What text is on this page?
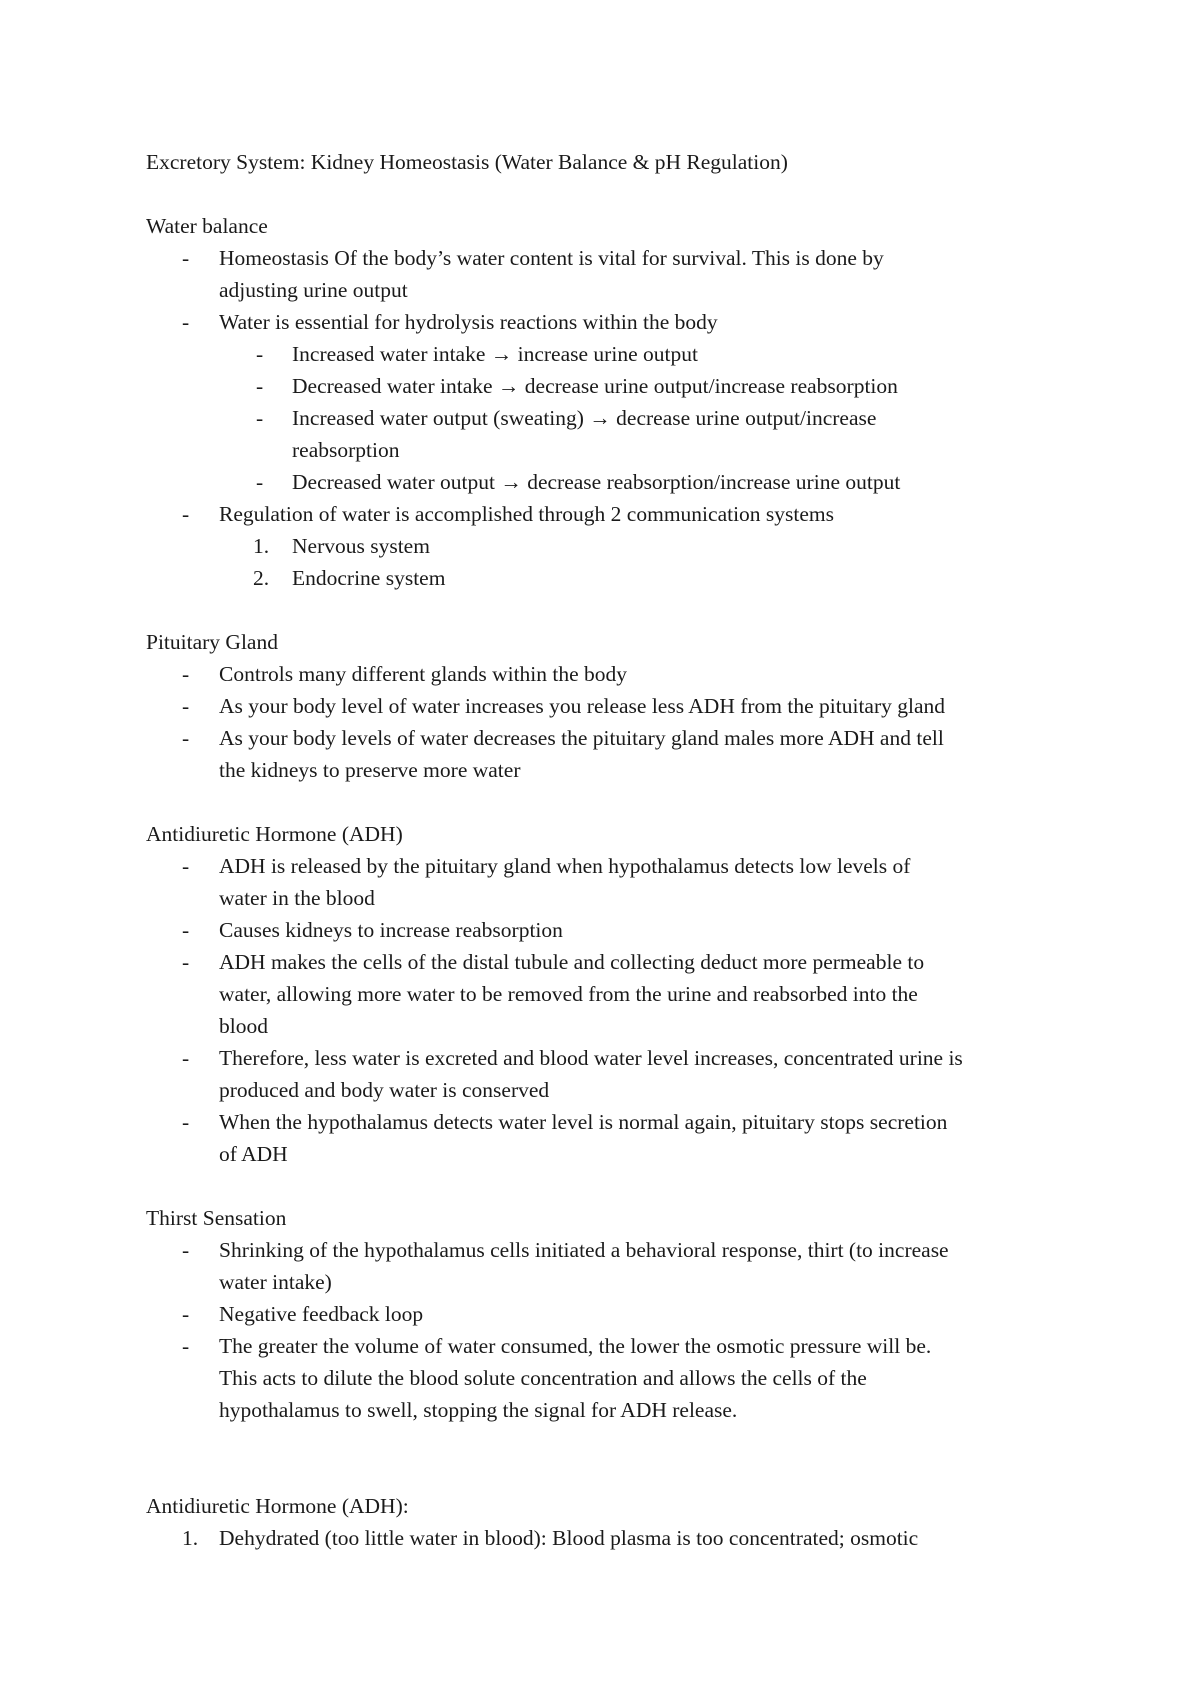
Excretory System: Kidney Homeostasis (Water Balance & pH Regulation)
Water balance
- Homeostasis Of the body’s water content is vital for survival. This is done by
adjusting urine output
- Water is essential for hydrolysis reactions within the body
- Increased water intake → increase urine output
- Decreased water intake → decrease urine output/increase reabsorption
- Increased water output (sweating) → decrease urine output/increase
reabsorption
- Decreased water output → decrease reabsorption/increase urine output
- Regulation of water is accomplished through 2 communication systems
1. Nervous system
2. Endocrine system
Pituitary Gland
- Controls many different glands within the body
- As your body level of water increases you release less ADH from the pituitary gland
- As your body levels of water decreases the pituitary gland males more ADH and tell
the kidneys to preserve more water
Antidiuretic Hormone (ADH)
- ADH is released by the pituitary gland when hypothalamus detects low levels of
water in the blood
- Causes kidneys to increase reabsorption
- ADH makes the cells of the distal tubule and collecting deduct more permeable to
water, allowing more water to be removed from the urine and reabsorbed into the
blood
- Therefore, less water is excreted and blood water level increases, concentrated urine is
produced and body water is conserved
- When the hypothalamus detects water level is normal again, pituitary stops secretion
of ADH
Thirst Sensation
- Shrinking of the hypothalamus cells initiated a behavioral response, thirt (to increase
water intake)
- Negative feedback loop
- The greater the volume of water consumed, the lower the osmotic pressure will be.
This acts to dilute the blood solute concentration and allows the cells of the
hypothalamus to swell, stopping the signal for ADH release.
Antidiuretic Hormone (ADH):
1. Dehydrated (too little water in blood): Blood plasma is too concentrated; osmotic
